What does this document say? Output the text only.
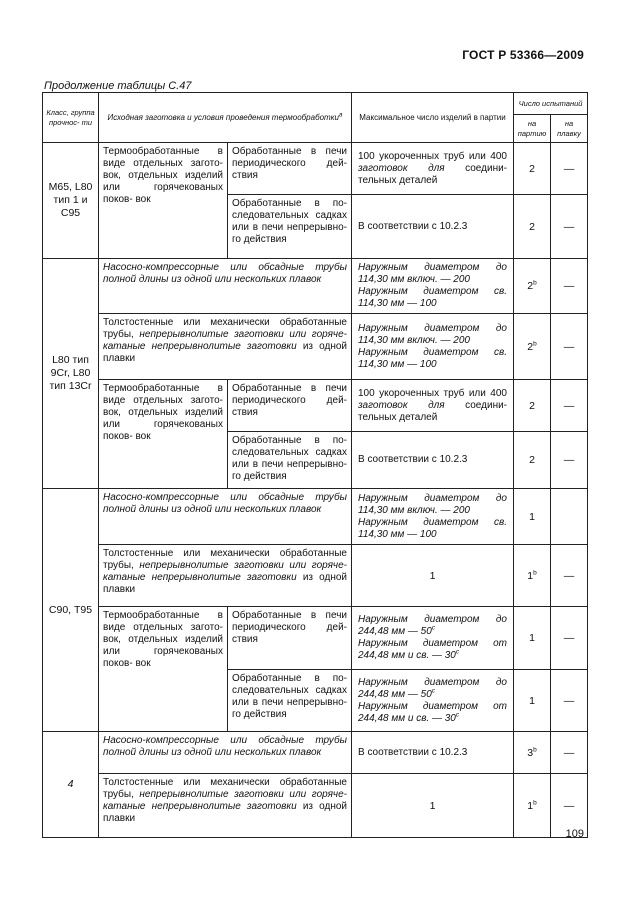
ГОСТ Р 53366—2009
Продолжение таблицы С.47
Класс, группа прочнос- ти	Исходная заготовка и условия проведения термообработки$^a$		Максимальное число изделий в партии	Число испытаний	
				на партию	на плавку
М65, L80 тип 1 и С95	Термообработанные в виде отдельных загото- вок, отдельных изделий или горячекованых поков- вок	Обработанные в печи периодического дей- ствия	100 укороченных труб или 400 заготовок для соедини- тельных деталей	2	—
		Обработанные в по- следовательных садках или в печи непрерывно- го действия	В соответствии с 10.2.3	2	—
L80 тип 9Cr, L80 тип 13Cr	Насосно-компрессорные или обсадные трубы полной длины из одной или нескольких плавок		Наружным диаметром до 114,30 мм включ. — 200
Наружным диаметром св. 114,30 мм — 100	2$^b$	—
	Толстостенные или механически обработанные трубы, непрерывнолитые заготовки или горяче- катаные непрерывнолитые заготовки из одной плавки		Наружным диаметром до 114,30 мм включ. — 200
Наружным диаметром св. 114,30 мм — 100	2$^b$	—
	Термообработанные в виде отдельных загото- вок, отдельных изделий или горячекованых поков- вок	Обработанные в печи периодического дей- ствия	100 укороченных труб или 400 заготовок для соедини- тельных деталей	2	—
		Обработанные в по- следовательных садках или в печи непрерывно- го действия	В соответствии с 10.2.3	2	—
С90, Т95	Насосно-компрессорные или обсадные трубы полной длины из одной или нескольких плавок		Наружным диаметром до 114,30 мм включ. — 200
Наружным диаметром св. 114,30 мм — 100	1	
	Толстостенные или механически обработанные трубы, непрерывнолитые заготовки или горяче- катаные непрерывнолитые заготовки из одной плавки		1	1$^b$	—
	Термообработанные в виде отдельных загото- вок, отдельных изделий или горячекованых поков- вок	Обработанные в печи периодического дей- ствия	Наружным диаметром до 244,48 мм — 50$^c$
Наружным диаметром от 244,48 мм и св. — 30$^c$	1	—
		Обработанные в по- следовательных садках или в печи непрерывно- го действия	Наружным диаметром до 244,48 мм — 50$^c$
Наружным диаметром от 244,48 мм и св. — 30$^c$	1	—
4	Насосно-компрессорные или обсадные трубы полной длины из одной или нескольких плавок		В соответствии с 10.2.3	3$^b$	—
	Толстостенные или механически обработанные трубы, непрерывнолитые заготовки или горяче- катаные непрерывнолитые заготовки из одной плавки		1	1$^b$	—
109
